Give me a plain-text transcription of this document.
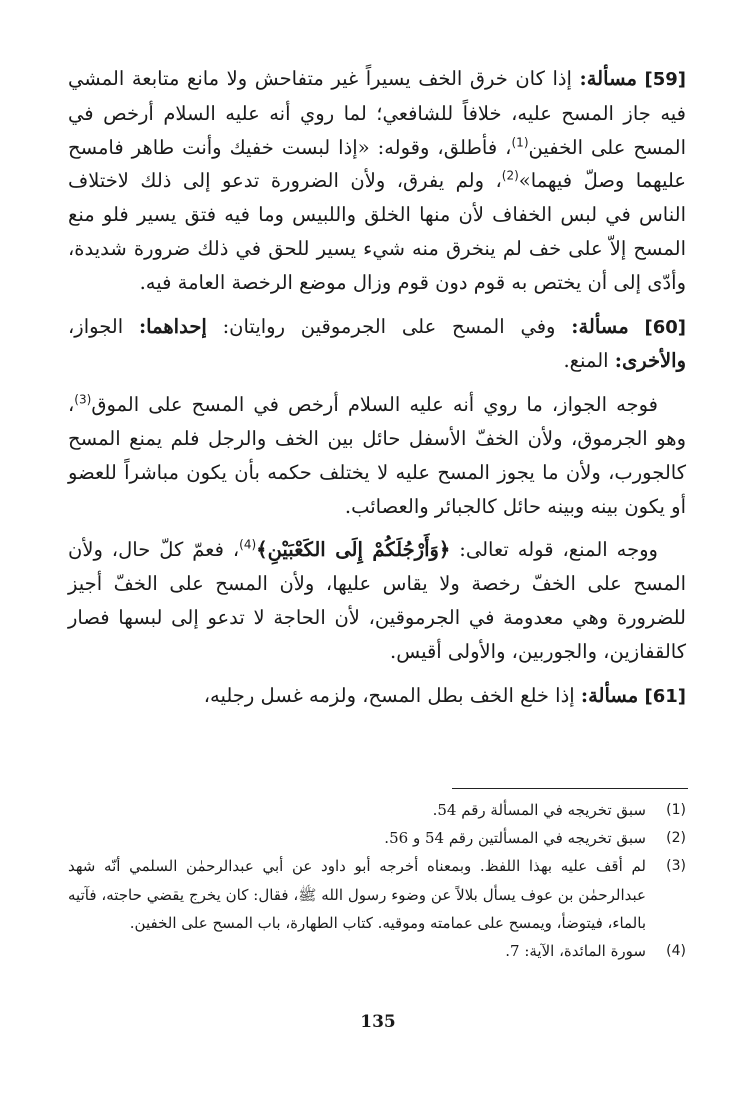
[59] مسألة: إذا كان خرق الخف يسيراً غير متفاحش ولا مانع متابعة المشي فيه جاز المسح عليه، خلافاً للشافعي؛ لما روي أنه عليه السلام أرخص في المسح على الخفين$^{(1)}$، فأطلق، وقوله: «إذا لبست خفيك وأنت طاهر فامسح عليهما وصلّ فيهما»$^{(2)}$، ولم يفرق، ولأن الضرورة تدعو إلى ذلك لاختلاف الناس في لبس الخفاف لأن منها الخلق واللبيس وما فيه فتق يسير فلو منع المسح إلاّ على خف لم ينخرق منه شيء يسير للحق في ذلك ضرورة شديدة، وأدّى إلى أن يختص به قوم دون قوم وزال موضع الرخصة العامة فيه.

[60] مسألة: وفي المسح على الجرموقين روايتان: إحداهما: الجواز، والأخرى: المنع.

فوجه الجواز، ما روي أنه عليه السلام أرخص في المسح على الموق$^{(3)}$، وهو الجرموق، ولأن الخفّ الأسفل حائل بين الخف والرجل فلم يمنع المسح كالجورب، ولأن ما يجوز المسح عليه لا يختلف حكمه بأن يكون مباشراً للعضو أو يكون بينه وبينه حائل كالجبائر والعصائب.

ووجه المنع، قوله تعالى: ﴿وَأَرْجُلَكُمْ إِلَى الكَعْبَيْنِ﴾$^{(4)}$، فعمّ كلّ حال، ولأن المسح على الخفّ رخصة ولا يقاس عليها، ولأن المسح على الخفّ أجيز للضرورة وهي معدومة في الجرموقين، لأن الحاجة لا تدعو إلى لبسها فصار كالقفازين، والجوربين، والأولى أقيس.

[61] مسألة: إذا خلع الخف بطل المسح، ولزمه غسل رجليه،

(1)
سبق تخريجه في المسألة رقم 54.
(2)
سبق تخريجه في المسألتين رقم 54 و 56.
(3)
لم أقف عليه بهذا اللفظ. وبمعناه أخرجه أبو داود عن أبي عبدالرحمٰن السلمي أنّه شهد عبدالرحمٰن بن عوف يسأل بلالاً عن وضوء رسول الله ﷺ، فقال: كان يخرج يقضي حاجته، فآتيه بالماء، فيتوضأ، ويمسح على عمامته وموقيه. كتاب الطهارة، باب المسح على الخفين.
(4)
سورة المائدة، الآية: 7.
135
